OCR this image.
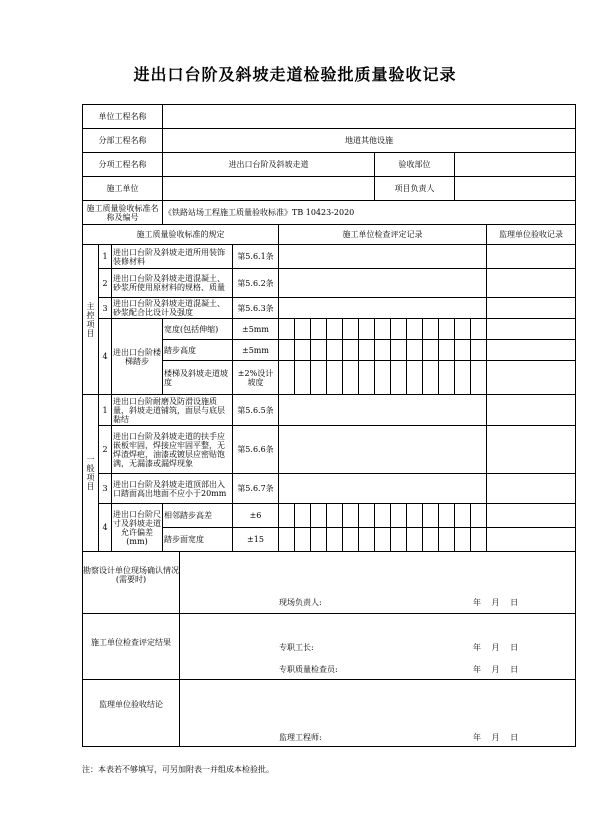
进出口台阶及斜坡走道检验批质量验收记录
单位工程名称																		
分部工程名称			地道其他设施															
分项工程名称			进出口台阶及斜坡走道								验收部位							
施工单位											项目负责人							
施工质量验收标准名称及编号			《铁路站场工程施工质量验收标准》TB 10423-2020															
施工质量验收标准的规定					施工单位检查评定记录													监理单位验收记录
主控项目	1	进出口台阶及斜坡走道所用装饰装修材料		第5.6.1条														
	2	进出口台阶及斜坡走道混凝土、砂浆所使用原材料的规格、质量		第5.6.2条														
	3	进出口台阶及斜坡走道混凝土、砂浆配合比设计及强度		第5.6.3条														
	4	进出口台阶楼梯踏步	宽度(包括伸缩)	±5mm														
			踏步高度	±5mm														
			楼梯及斜坡走道坡度	±2%设计坡度														
一般项目	1	进出口台阶耐磨及防滑设施质量，斜坡走道铺筑，面层与底层黏结		第5.6.5条														
	2	进出口台阶及斜坡走道的扶手应嵌板牢固，焊接应牢固平整，无焊渣焊疤，油漆或镀层应密贴饱满，无漏漆或漏焊现象		第5.6.6条														
	3	进出口台阶及斜坡走道顶部出入口踏面高出地面不应小于20mm		第5.6.7条														
	4	进出口台阶尺寸及斜坡走道允许偏差(mm)	相邻踏步高差	±6														
			踏步面宽度	±15														

勘察设计单位现场确认情况(需要时)
现场负责人: 年　 月　 日																		

施工单位检查评定结果
专职工长: 年　 月　 日
专职质量检查员: 年　 月　 日																		

监理单位验收结论
监理工程师: 年　 月　 日																		
注：本表若不够填写，可另加附表一并组成本检验批。
